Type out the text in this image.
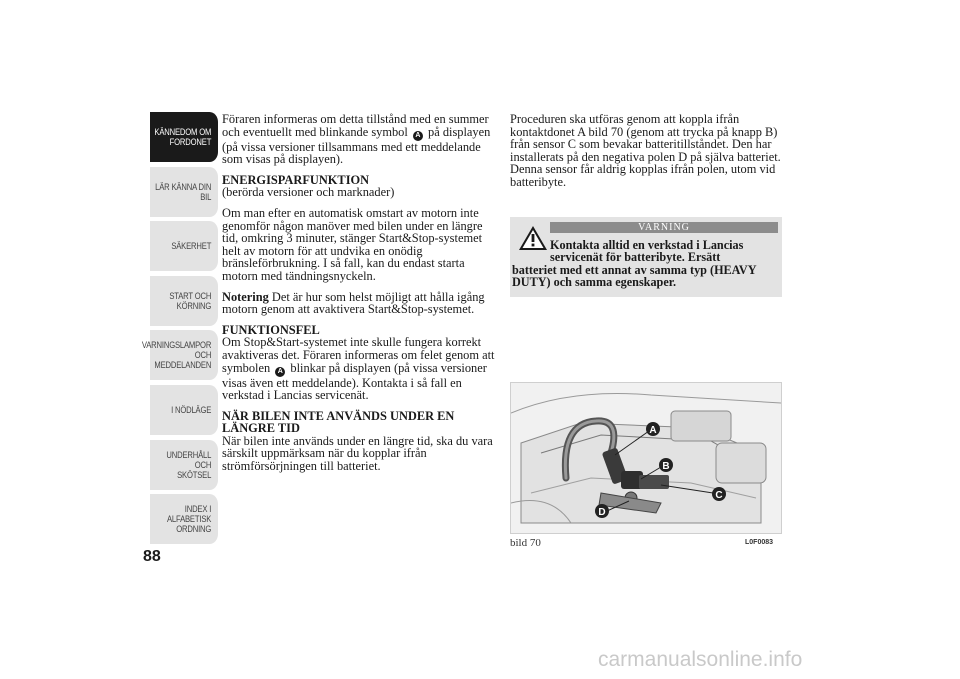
KÄNNEDOM OM
FORDONET
LÄR KÄNNA DIN
BIL
SÄKERHET
START OCH
KÖRNING
VARNINGSLAMPOR
OCH
MEDDELANDEN
I NÖDLÄGE
UNDERHÅLL OCH
SKÖTSEL
INDEX I
ALFABETISK
ORDNING
88

Föraren informeras om detta tillstånd med en summer och eventuellt med blinkande symbol A på displayen (på vissa versioner tillsammans med ett meddelande som visas på displayen).

ENERGISPARFUNKTION

(berörda versioner och marknader)

Om man efter en automatisk omstart av motorn inte genomför någon manöver med bilen under en längre tid, omkring 3 minuter, stänger Start&Stop-systemet helt av motorn för att undvika en onödig bränsleförbrukning. I så fall, kan du endast starta motorn med tändningsnyckeln.

Notering Det är hur som helst möjligt att hålla igång motorn genom att avaktivera Start&Stop-systemet.

FUNKTIONSFEL

Om Stop&Start-systemet inte skulle fungera korrekt avaktiveras det. Föraren informeras om felet genom att symbolen A blinkar på displayen (på vissa versioner visas även ett meddelande). Kontakta i så fall en verkstad i Lancias servicenät.

NÄR BILEN INTE ANVÄNDS UNDER EN LÄNGRE TID

När bilen inte används under en längre tid, ska du vara särskilt uppmärksam när du kopplar ifrån strömförsörjningen till batteriet.

Proceduren ska utföras genom att koppla ifrån kontaktdonet A bild 70 (genom att trycka på knapp B) från sensor C som bevakar batteritillståndet. Den har installerats på den negativa polen D på själva batteriet. Denna sensor får aldrig kopplas ifrån polen, utom vid batteribyte.

VARNING
Kontakta alltid en verkstad i Lancias servicenät för batteribyte. Ersätt
batteriet med ett annat av samma typ (HEAVY DUTY) och samma egenskaper.
A
B
C
D
bild 70	L0F0083
carmanualsonline.info
